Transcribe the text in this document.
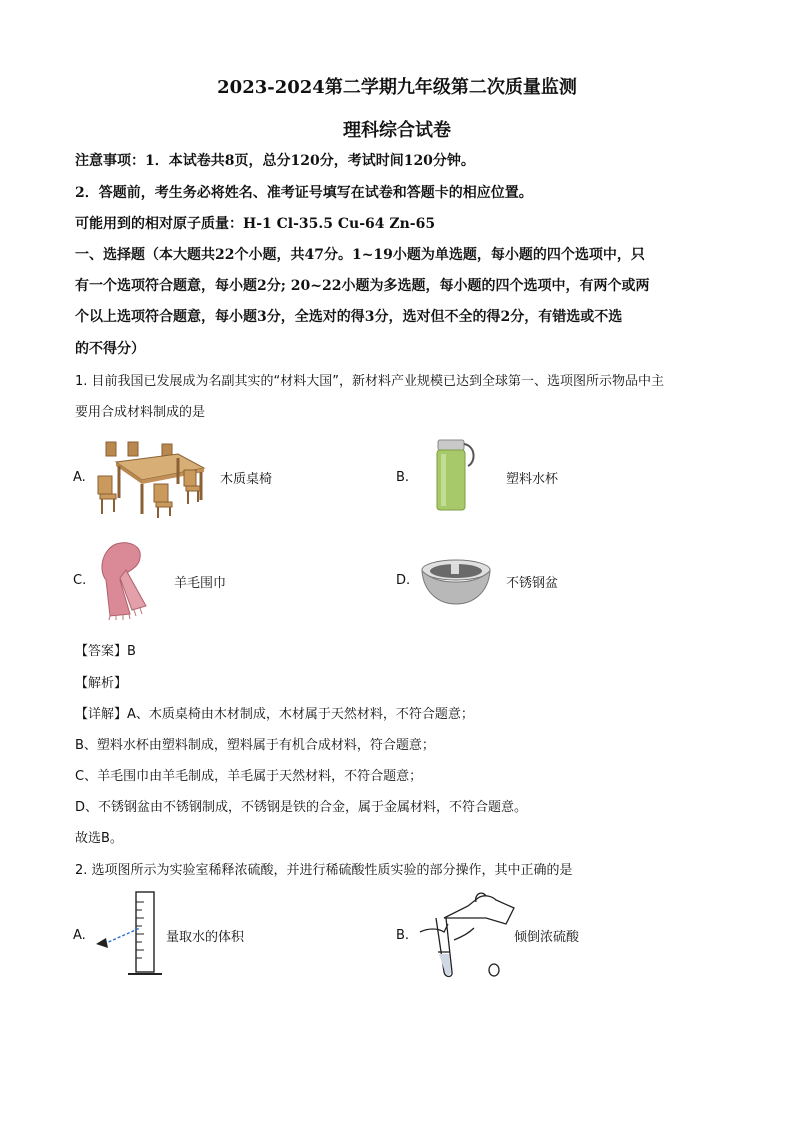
2023-2024第二学期九年级第二次质量监测
理科综合试卷
注意事项：1．本试卷共8页，总分120分，考试时间120分钟。
2．答题前，考生务必将姓名、准考证号填写在试卷和答题卡的相应位置。
可能用到的相对原子质量：H-1 Cl-35.5 Cu-64 Zn-65
一、选择题（本大题共22个小题，共47分。1~19小题为单选题，每小题的四个选项中，只
有一个选项符合题意，每小题2分; 20~22小题为多选题，每小题的四个选项中，有两个或两
个以上选项符合题意，每小题3分，全选对的得3分，选对但不全的得2分，有错选或不选
的不得分）
1. 目前我国已发展成为名副其实的“材料大国”，新材料产业规模已达到全球第一、选项图所示物品中主
要用合成材料制成的是
A.	木质桌椅	B.	塑料水杯
C.	羊毛围巾	D.	不锈钢盆
【答案】B
【解析】
【详解】A、木质桌椅由木材制成，木材属于天然材料，不符合题意；
B、塑料水杯由塑料制成，塑料属于有机合成材料，符合题意；
C、羊毛围巾由羊毛制成，羊毛属于天然材料，不符合题意；
D、不锈钢盆由不锈钢制成，不锈钢是铁的合金，属于金属材料，不符合题意。
故选B。
2. 选项图所示为实验室稀释浓硫酸，并进行稀硫酸性质实验的部分操作，其中正确的是
A.	量取水的体积	B.	倾倒浓硫酸
